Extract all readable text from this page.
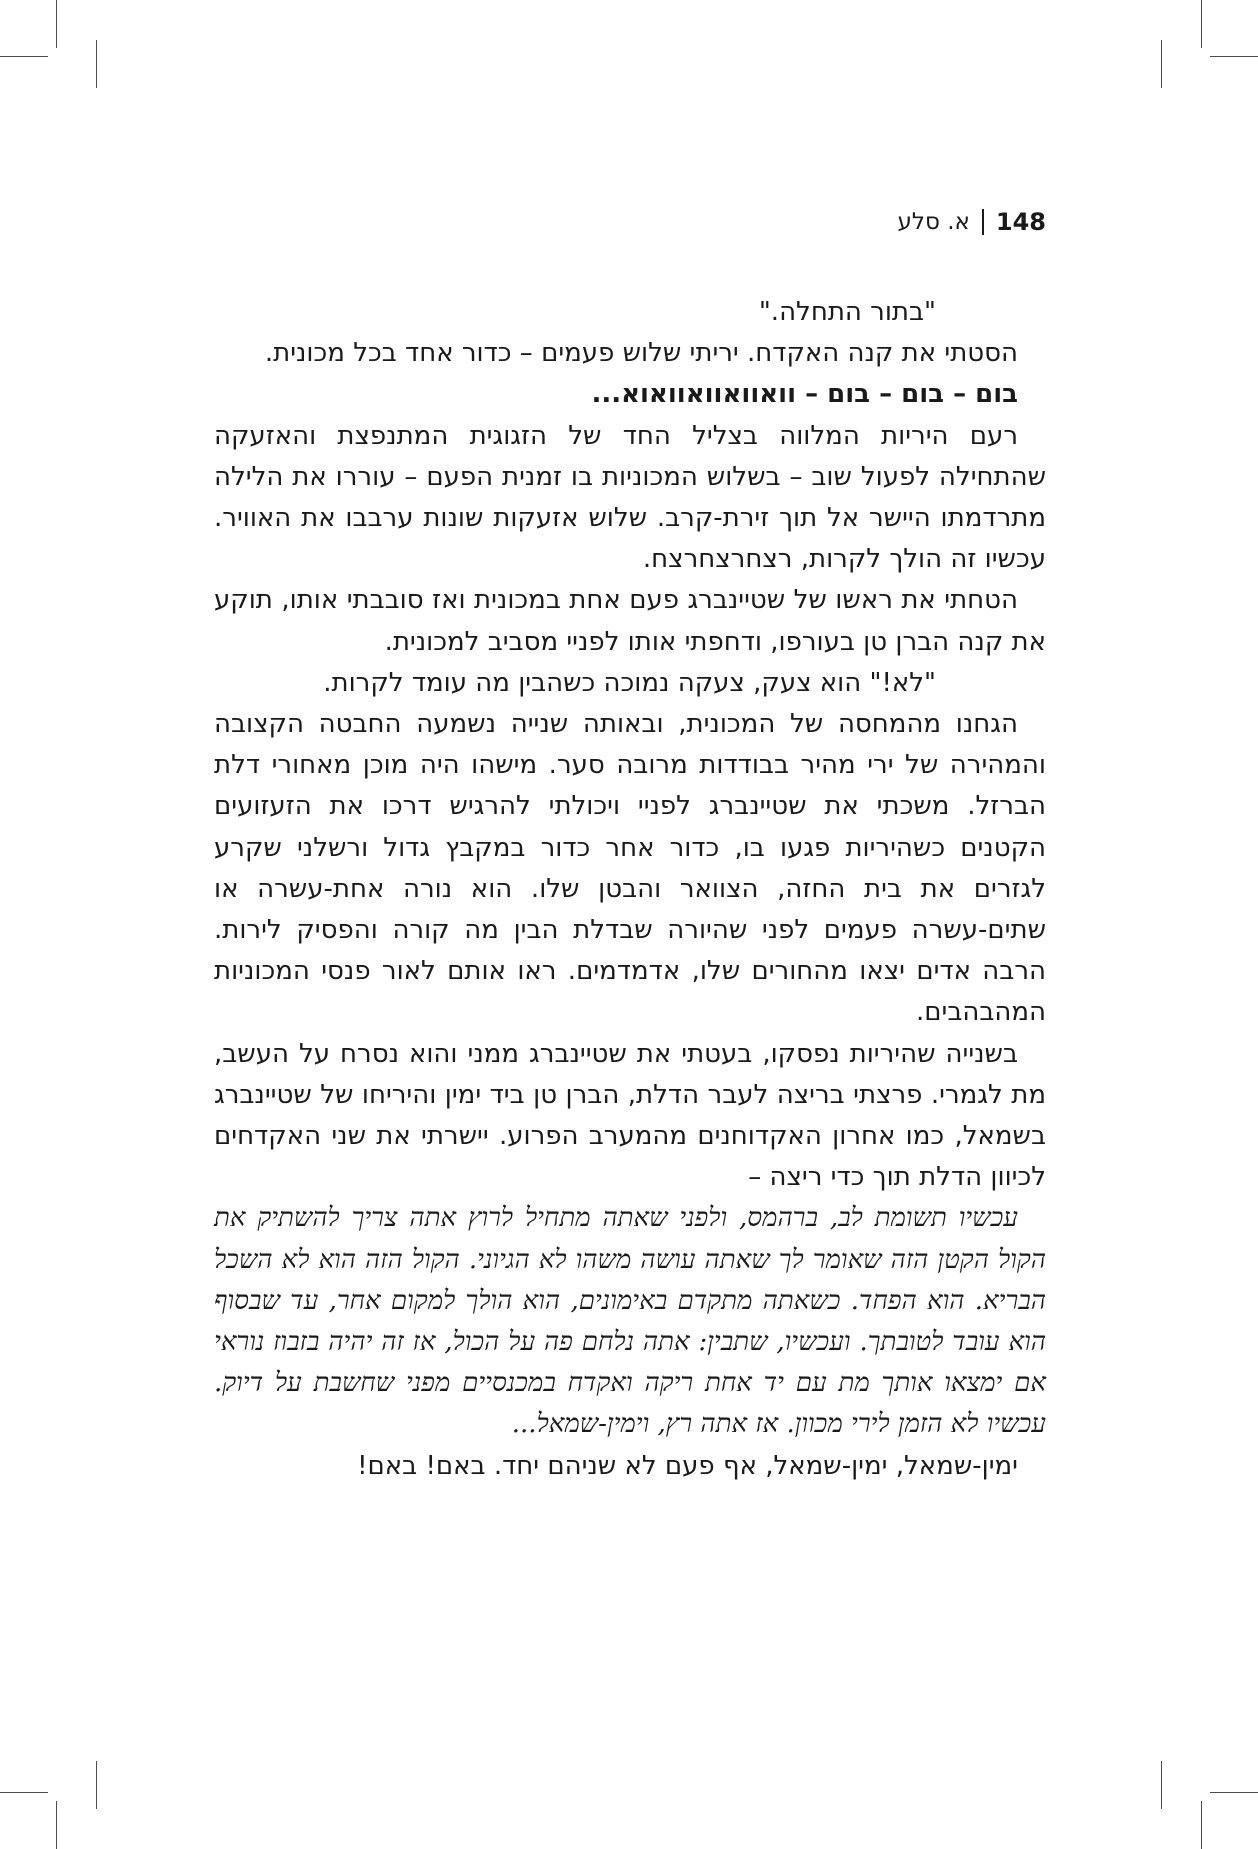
148
א. סלע

"בתור התחלה."

הסטתי את קנה האקדח. יריתי שלוש פעמים – כדור אחד בכל מכונית.

בום – בום – בום – וואוואוואוואוא...

רעם היריות המלווה בצליל החד של הזגוגית המתנפצת והאזעקה שהתחילה לפעול שוב – בשלוש המכוניות בו זמנית הפעם – עוררו את הלילה מתרדמתו היישר אל תוך זירת-קרב. שלוש אזעקות שונות ערבבו את האוויר. עכשיו זה הולך לקרות, רצחרצחרצח.

הטחתי את ראשו של שטיינברג פעם אחת במכונית ואז סובבתי אותו, תוקע את קנה הברן טן בעורפו, ודחפתי אותו לפניי מסביב למכונית.

"לא!" הוא צעק, צעקה נמוכה כשהבין מה עומד לקרות.

הגחנו מהמחסה של המכונית, ובאותה שנייה נשמעה החבטה הקצובה והמהירה של ירי מהיר בבודדות מרובה סער. מישהו היה מוכן מאחורי דלת הברזל. משכתי את שטיינברג לפניי ויכולתי להרגיש דרכו את הזעזועים הקטנים כשהיריות פגעו בו, כדור אחר כדור במקבץ גדול ורשלני שקרע לגזרים את בית החזה, הצוואר והבטן שלו. הוא נורה אחת-עשרה או שתים-עשרה פעמים לפני שהיורה שבדלת הבין מה קורה והפסיק לירות. הרבה אדים יצאו מהחורים שלו, אדמדמים. ראו אותם לאור פנסי המכוניות המהבהבים.

בשנייה שהיריות נפסקו, בעטתי את שטיינברג ממני והוא נסרח על העשב, מת לגמרי. פרצתי בריצה לעבר הדלת, הברן טן ביד ימין והיריחו של שטיינברג בשמאל, כמו אחרון האקדוחנים מהמערב הפרוע. יישרתי את שני האקדחים לכיוון הדלת תוך כדי ריצה –

עכשיו תשומת לב, ברהמס, ולפני שאתה מתחיל לרוץ אתה צריך להשתיק את הקול הקטן הזה שאומר לך שאתה עושה משהו לא הגיוני. הקול הזה הוא לא השכל הבריא. הוא הפחד. כשאתה מתקדם באימונים, הוא הולך למקום אחר, עד שבסוף הוא עובד לטובתך. ועכשיו, שתבין: אתה נלחם פה על הכול, אז זה יהיה בזבוז נוראי אם ימצאו אותך מת עם יד אחת ריקה ואקדח במכנסיים מפני שחשבת על דיוק. עכשיו לא הזמן לירי מכוון. אז אתה רץ, וימין-שמאל...

ימין-שמאל, ימין-שמאל, אף פעם לא שניהם יחד. באם! באם!
